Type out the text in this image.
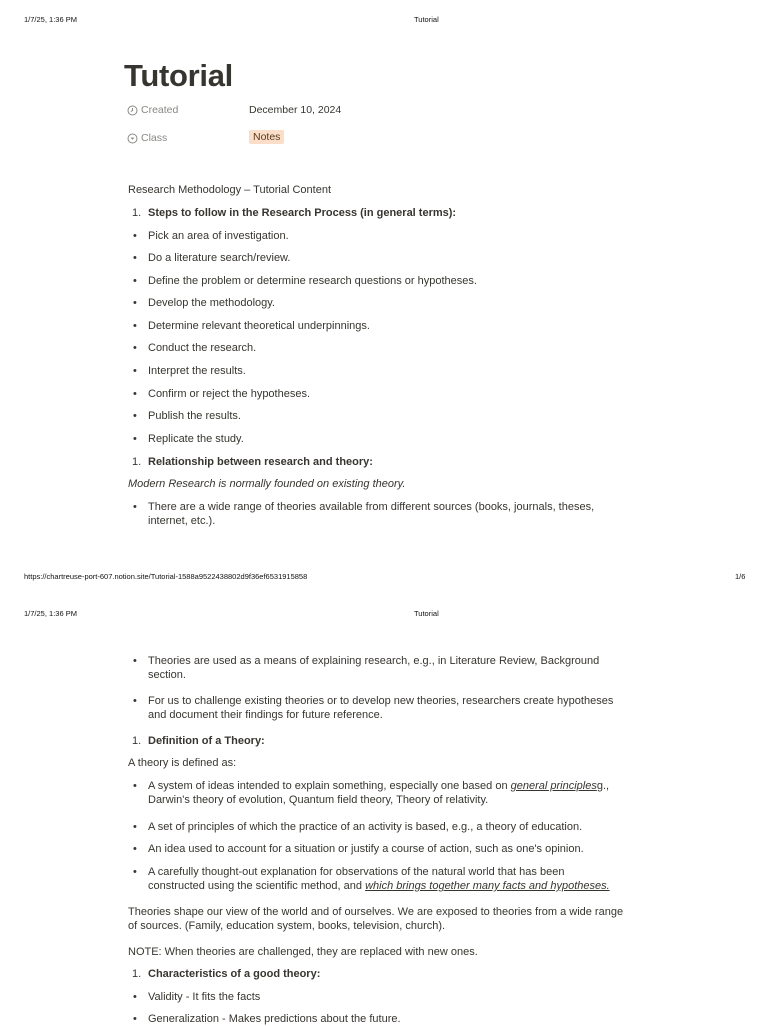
1/7/25, 1:36 PM	Tutorial
Tutorial
Created	December 10, 2024
Class	Notes
Research Methodology – Tutorial Content
1. Steps to follow in the Research Process (in general terms):
•	Pick an area of investigation.
•	Do a literature search/review.
•	Define the problem or determine research questions or hypotheses.
•	Develop the methodology.
•	Determine relevant theoretical underpinnings.
•	Conduct the research.
•	Interpret the results.
•	Confirm or reject the hypotheses.
•	Publish the results.
•	Replicate the study.
1. Relationship between research and theory:
Modern Research is normally founded on existing theory.
•	There are a wide range of theories available from different sources (books, journals, theses,
internet, etc.).
https://chartreuse-port-607.notion.site/Tutorial-1588a9522438802d9f36ef6531915858	1/6
1/7/25, 1:36 PM	Tutorial
•	Theories are used as a means of explaining research, e.g., in Literature Review, Background
section.
•	For us to challenge existing theories or to develop new theories, researchers create hypotheses
and document their findings for future reference.
1. Definition of a Theory:
A theory is defined as:
•	A system of ideas intended to explain something, especially one based on general principlesg.,
Darwin's theory of evolution, Quantum field theory, Theory of relativity.
•	A set of principles of which the practice of an activity is based, e.g., a theory of education.
•	An idea used to account for a situation or justify a course of action, such as one's opinion.
•	A carefully thought-out explanation for observations of the natural world that has been
constructed using the scientific method, and which brings together many facts and hypotheses.

Theories shape our view of the world and of ourselves. We are exposed to theories from a wide range

of sources. (Family, education system, books, television, church).

NOTE: When theories are challenged, they are replaced with new ones.
1. Characteristics of a good theory:
•	Validity - It fits the facts
•	Generalization - Makes predictions about the future.
